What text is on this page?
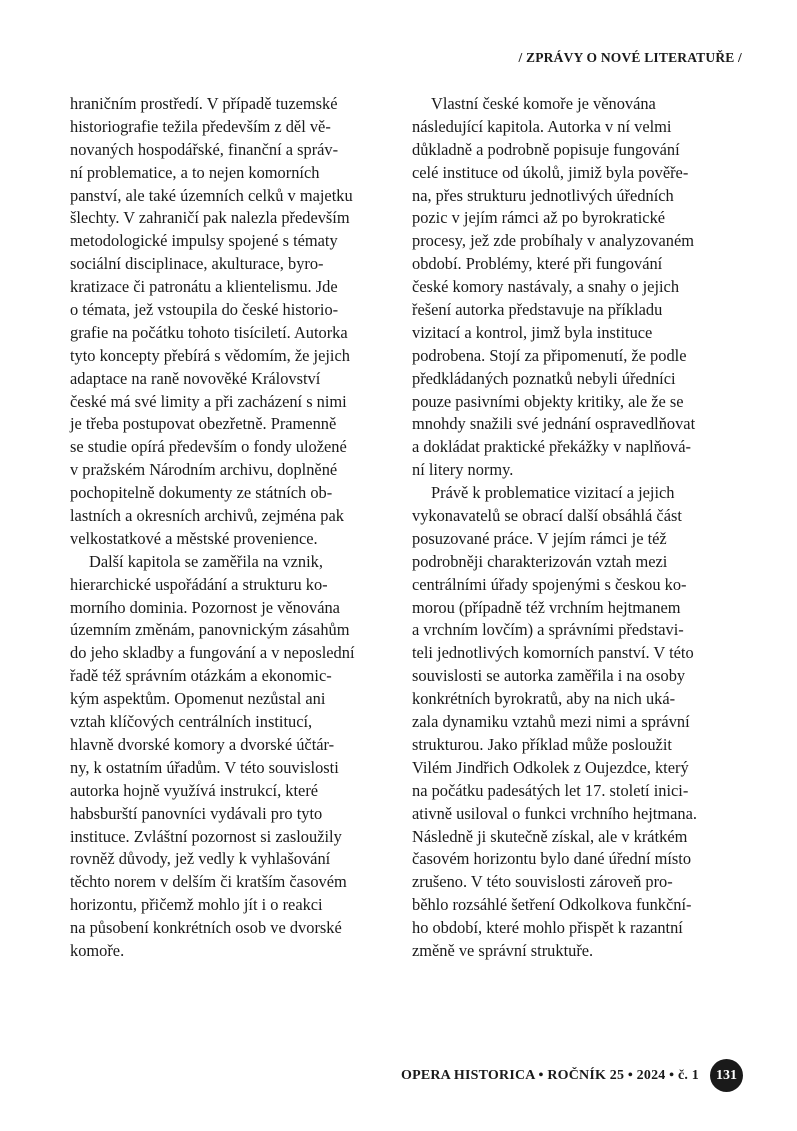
/ ZPRÁVY O NOVÉ LITERATUŘE /
hraničním prostředí. V případě tuzemské
historiografie težila především z děl vě-
novaných hospodářské, finanční a správ-
ní problematice, a to nejen komorních
panství, ale také územních celků v majetku
šlechty. V zahraničí pak nalezla především
metodologické impulsy spojené s tématy
sociální disciplinace, akulturace, byro-
kratizace či patronátu a klientelismu. Jde
o témata, jež vstoupila do české historio-
grafie na počátku tohoto tisíciletí. Autorka
tyto koncepty přebírá s vědomím, že jejich
adaptace na raně novověké Království
české má své limity a při zacházení s nimi
je třeba postupovat obezřetně. Pramenně
se studie opírá především o fondy uložené
v pražském Národním archivu, doplněné
pochopitelně dokumenty ze státních ob-
lastních a okresních archivů, zejména pak
velkostatkové a městské provenience.
Další kapitola se zaměřila na vznik,
hierarchické uspořádání a strukturu ko-
morního dominia. Pozornost je věnována
územním změnám, panovnickým zásahům
do jeho skladby a fungování a v neposlední
řadě též správním otázkám a ekonomic-
kým aspektům. Opomenut nezůstal ani
vztah klíčových centrálních institucí,
hlavně dvorské komory a dvorské účtár-
ny, k ostatním úřadům. V této souvislosti
autorka hojně využívá instrukcí, které
habsburští panovníci vydávali pro tyto
instituce. Zvláštní pozornost si zasloužily
rovněž důvody, jež vedly k vyhlašování
těchto norem v delším či kratším časovém
horizontu, přičemž mohlo jít i o reakci
na působení konkrétních osob ve dvorské
komoře.
Vlastní české komoře je věnována
následující kapitola. Autorka v ní velmi
důkladně a podrobně popisuje fungování
celé instituce od úkolů, jimiž byla pověře-
na, přes strukturu jednotlivých úředních
pozic v jejím rámci až po byrokratické
procesy, jež zde probíhaly v analyzovaném
období. Problémy, které při fungování
české komory nastávaly, a snahy o jejich
řešení autorka představuje na příkladu
vizitací a kontrol, jimž byla instituce
podrobena. Stojí za připomenutí, že podle
předkládaných poznatků nebyli úředníci
pouze pasivními objekty kritiky, ale že se
mnohdy snažili své jednání ospravedlňovat
a dokládat praktické překážky v naplňová-
ní litery normy.
Právě k problematice vizitací a jejich
vykonavatelů se obrací další obsáhlá část
posuzované práce. V jejím rámci je též
podrobněji charakterizován vztah mezi
centrálními úřady spojenými s českou ko-
morou (případně též vrchním hejtmanem
a vrchním lovčím) a správními představi-
teli jednotlivých komorních panství. V této
souvislosti se autorka zaměřila i na osoby
konkrétních byrokratů, aby na nich uká-
zala dynamiku vztahů mezi nimi a správní
strukturou. Jako příklad může posloužit
Vilém Jindřich Odkolek z Oujezdce, který
na počátku padesátých let 17. století inici-
ativně usiloval o funkci vrchního hejtmana.
Následně ji skutečně získal, ale v krátkém
časovém horizontu bylo dané úřední místo
zrušeno. V této souvislosti zároveň pro-
běhlo rozsáhlé šetření Odkolkova funkční-
ho období, které mohlo přispět k razantní
změně ve správní struktuře.
OPERA HISTORICA • ROČNÍK 25 • 2024 • č. 1	131
